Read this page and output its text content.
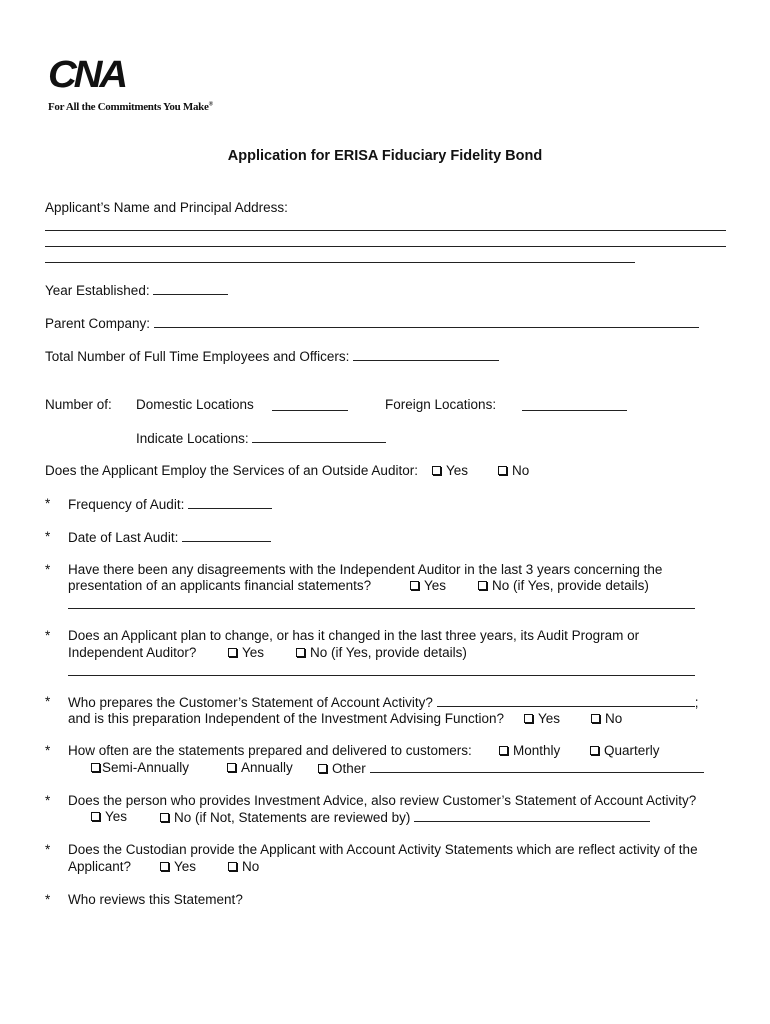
CNA
For All the Commitments You Make®
Application for ERISA Fiduciary Fidelity Bond
Applicant’s Name and Principal Address:
Year Established:
Parent Company:
Total Number of Full Time Employees and Officers:
Number of: Domestic Locations	Foreign Locations:
Indicate Locations:
Does the Applicant Employ the Services of an Outside Auditor:	Yes	No
* Frequency of Audit:
* Date of Last Audit:
* Have there been any disagreements with the Independent Auditor in the last 3 years concerning the
presentation of an applicants financial statements?	Yes	No (if Yes, provide details)
* Does an Applicant plan to change, or has it changed in the last three years, its Audit Program or
Independent Auditor?	Yes	No (if Yes, provide details)
* Who prepares the Customer’s Statement of Account Activity?	;
and is this preparation Independent of the Investment Advising Function?	Yes	No
* How often are the statements prepared and delivered to customers:	Monthly	Quarterly
Semi-Annually	Annually	Other
* Does the person who provides Investment Advice, also review Customer’s Statement of Account Activity?
Yes	No (if Not, Statements are reviewed by)
* Does the Custodian provide the Applicant with Account Activity Statements which are reflect activity of the
Applicant?	Yes	No
* Who reviews this Statement?
